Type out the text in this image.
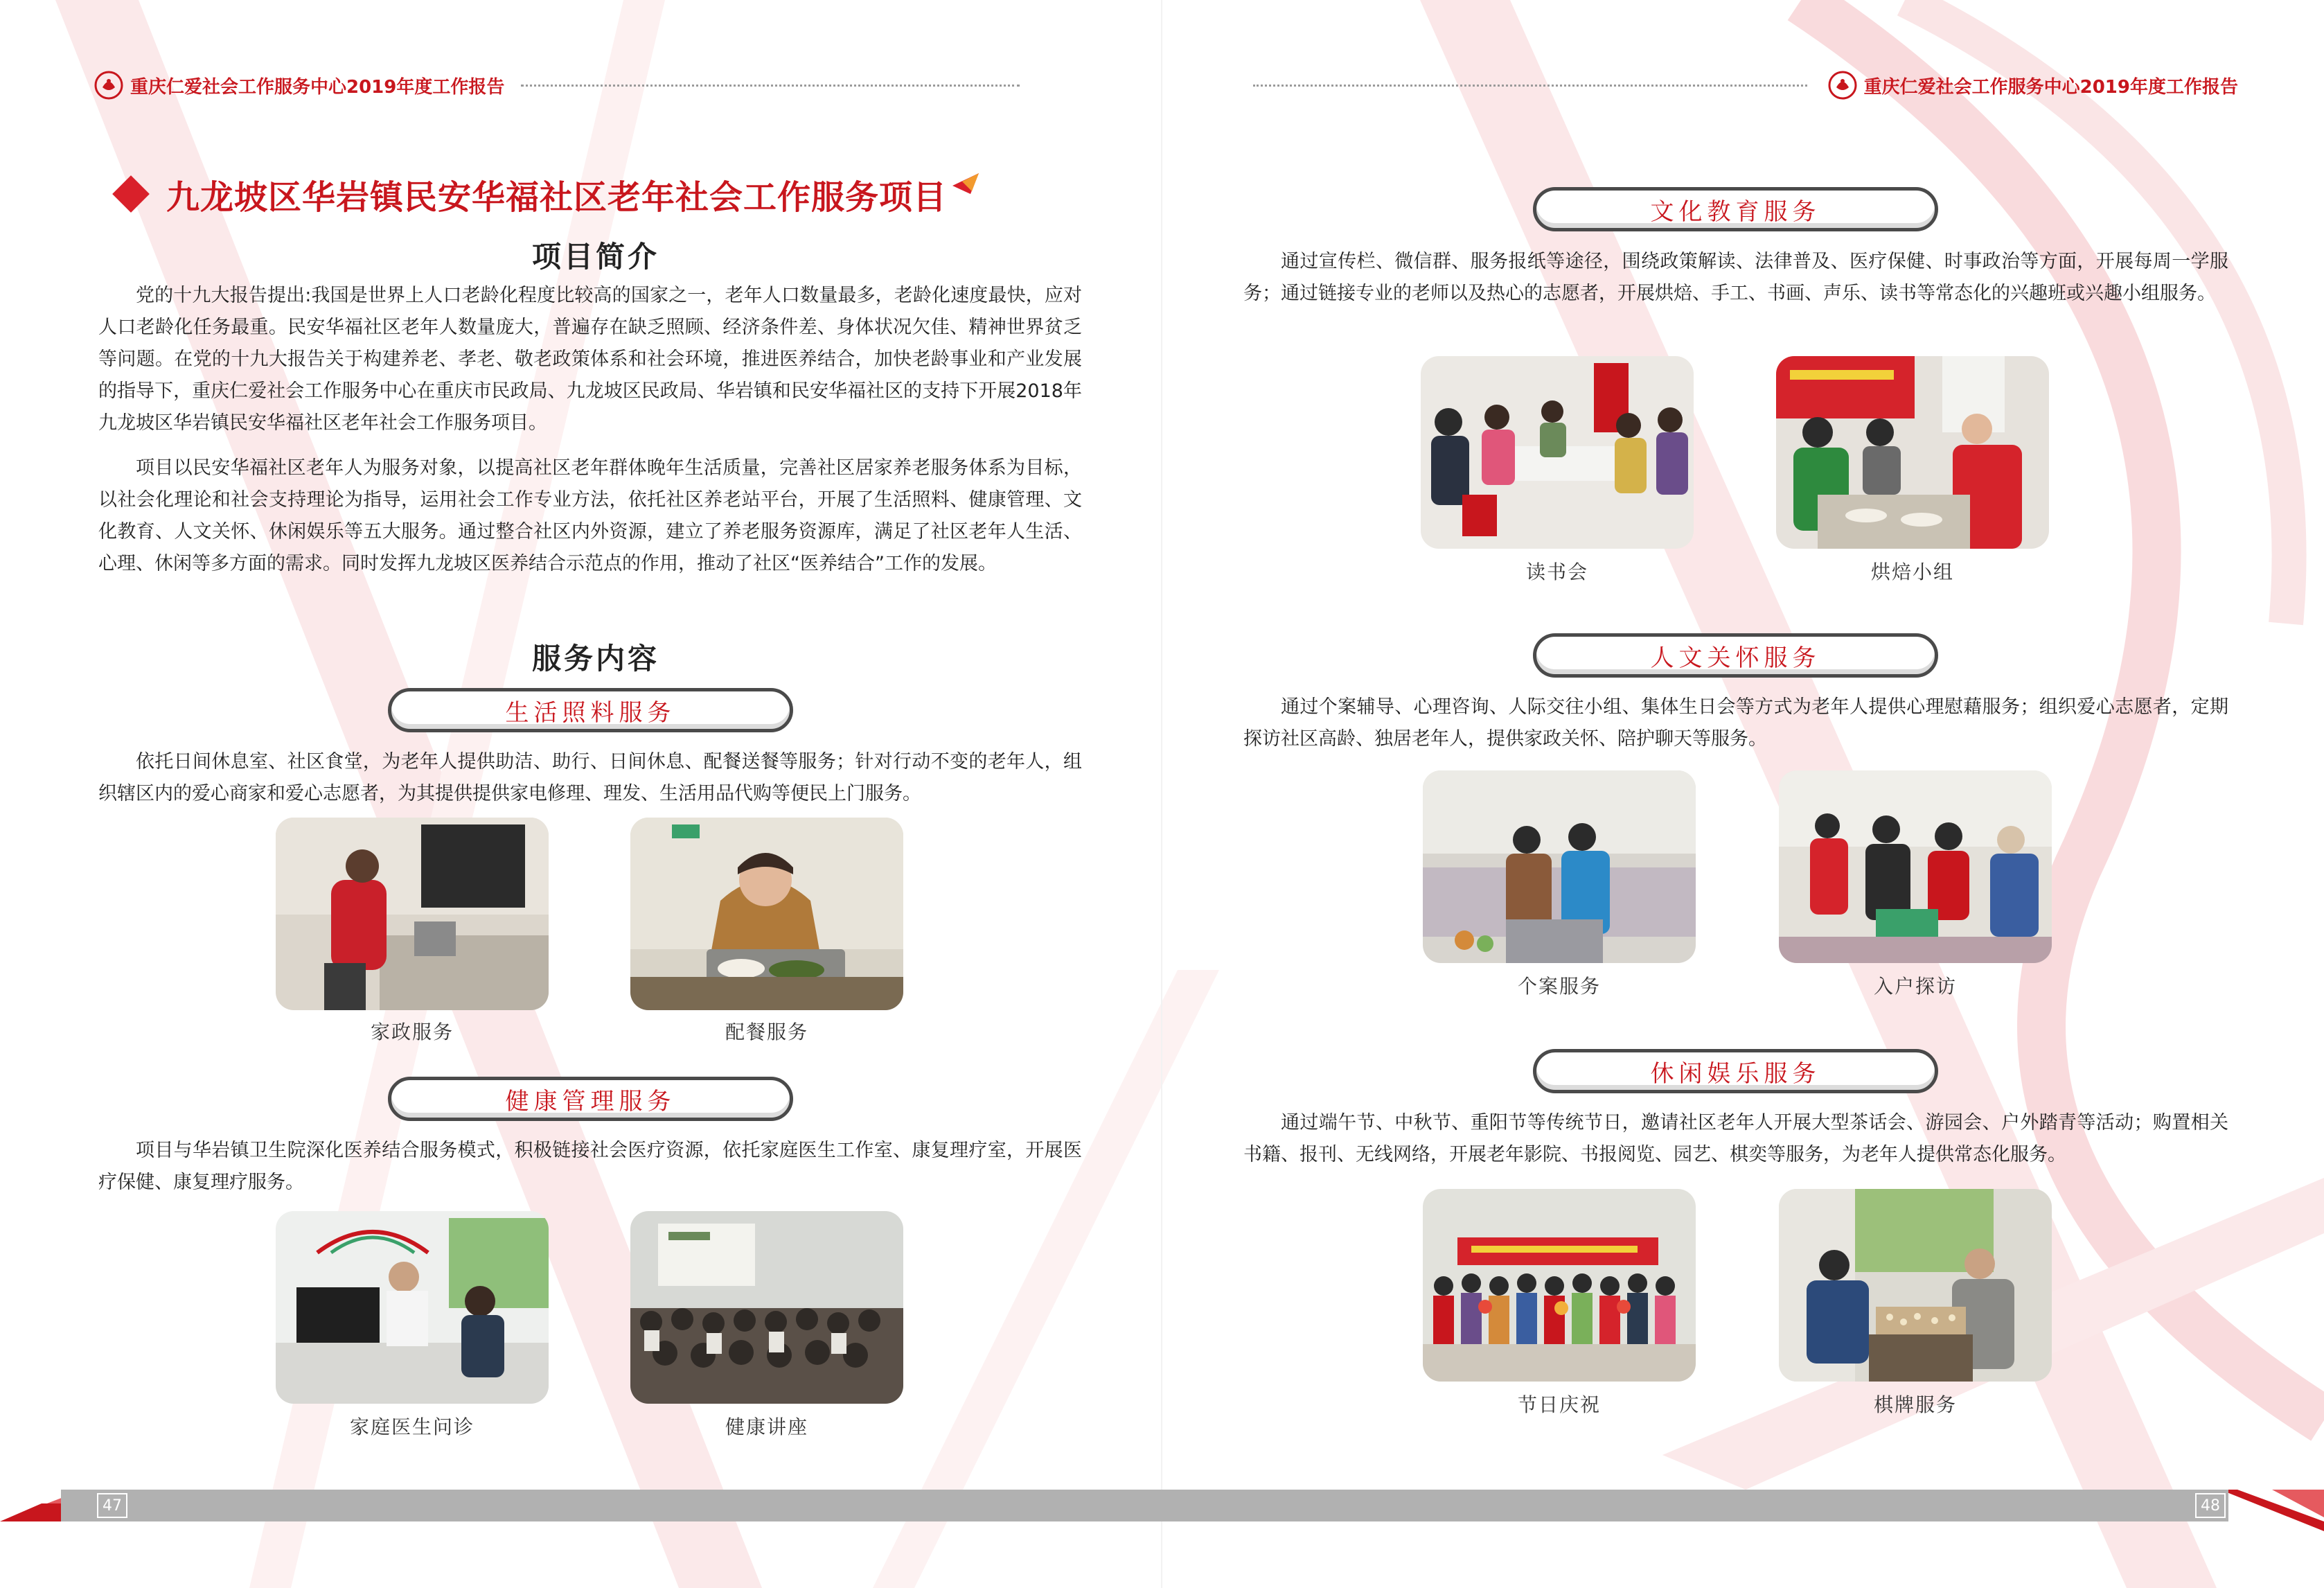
重庆仁爱社会工作服务中心2019年度工作报告
九龙坡区华岩镇民安华福社区老年社会工作服务项目
项目简介

党的十九大报告提出:我国是世界上人口老龄化程度比较高的国家之一，老年人口数量最多，老龄化速度最快，应对人口老龄化任务最重。民安华福社区老年人数量庞大，普遍存在缺乏照顾、经济条件差、身体状况欠佳、精神世界贫乏等问题。在党的十九大报告关于构建养老、孝老、敬老政策体系和社会环境，推进医养结合，加快老龄事业和产业发展的指导下，重庆仁爱社会工作服务中心在重庆市民政局、九龙坡区民政局、华岩镇和民安华福社区的支持下开展2018年九龙坡区华岩镇民安华福社区老年社会工作服务项目。

项目以民安华福社区老年人为服务对象，以提高社区老年群体晚年生活质量，完善社区居家养老服务体系为目标，以社会化理论和社会支持理论为指导，运用社会工作专业方法，依托社区养老站平台，开展了生活照料、健康管理、文化教育、人文关怀、休闲娱乐等五大服务。通过整合社区内外资源，建立了养老服务资源库，满足了社区老年人生活、心理、休闲等多方面的需求。同时发挥九龙坡区医养结合示范点的作用，推动了社区“医养结合”工作的发展。

服务内容
生活照料服务

依托日间休息室、社区食堂，为老年人提供助洁、助行、日间休息、配餐送餐等服务；针对行动不变的老年人，组织辖区内的爱心商家和爱心志愿者，为其提供提供家电修理、理发、生活用品代购等便民上门服务。

家政服务	配餐服务
健康管理服务

项目与华岩镇卫生院深化医养结合服务模式，积极链接社会医疗资源，依托家庭医生工作室、康复理疗室，开展医疗保健、康复理疗服务。

家庭医生问诊	健康讲座
47
重庆仁爱社会工作服务中心2019年度工作报告
文化教育服务

通过宣传栏、微信群、服务报纸等途径，围绕政策解读、法律普及、医疗保健、时事政治等方面，开展每周一学服务；通过链接专业的老师以及热心的志愿者，开展烘焙、手工、书画、声乐、读书等常态化的兴趣班或兴趣小组服务。

读书会	烘焙小组
人文关怀服务

通过个案辅导、心理咨询、人际交往小组、集体生日会等方式为老年人提供心理慰藉服务；组织爱心志愿者，定期探访社区高龄、独居老年人，提供家政关怀、陪护聊天等服务。

个案服务	入户探访
休闲娱乐服务

通过端午节、中秋节、重阳节等传统节日，邀请社区老年人开展大型茶话会、游园会、户外踏青等活动；购置相关书籍、报刊、无线网络，开展老年影院、书报阅览、园艺、棋奕等服务，为老年人提供常态化服务。

节日庆祝	棋牌服务
48
